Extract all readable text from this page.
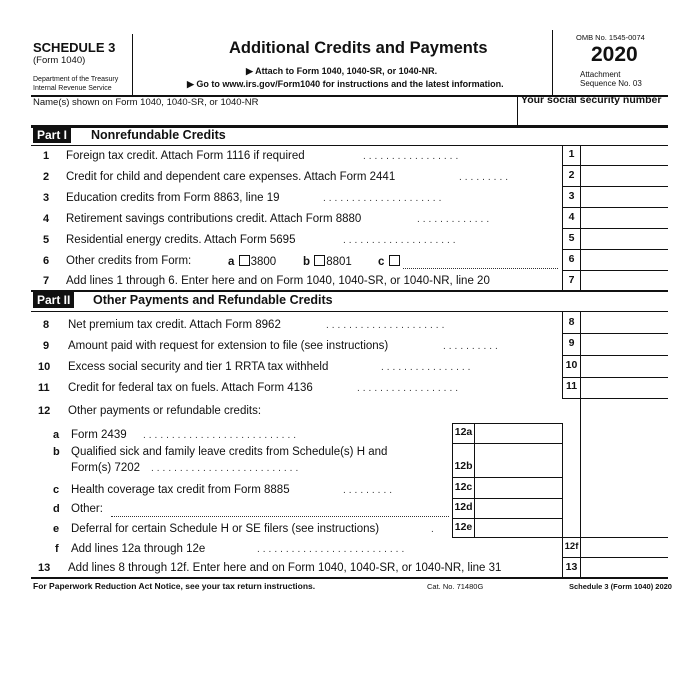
SCHEDULE 3
(Form 1040)
Department of the Treasury
Internal Revenue Service
Additional Credits and Payments
▶ Attach to Form 1040, 1040-SR, or 1040-NR.
▶ Go to www.irs.gov/Form1040 for instructions and the latest information.
OMB No. 1545-0074
2020
Attachment
Sequence No. 03
Name(s) shown on Form 1040, 1040-SR, or 1040-NR	Your social security number
Part I	Nonrefundable Credits
1 Foreign tax credit. Attach Form 1116 if required	.................	1
2 Credit for child and dependent care expenses. Attach Form 2441	.........	2
3 Education credits from Form 8863, line 19	.....................	3
4 Retirement savings contributions credit. Attach Form 8880	.............	4
5 Residential energy credits. Attach Form 5695	....................	5
6 Other credits from Form:	a 3800 b 8801 c	6
7 Add lines 1 through 6. Enter here and on Form 1040, 1040-SR, or 1040-NR, line 20	7
Part II	Other Payments and Refundable Credits
8 Net premium tax credit. Attach Form 8962	.....................	8
9 Amount paid with request for extension to file (see instructions)	..........	9
10 Excess social security and tier 1 RRTA tax withheld	................	10
11 Credit for federal tax on fuels. Attach Form 4136	..................	11
12 Other payments or refundable credits:
a Form 2439 ...........................	12a
b Qualified sick and family leave credits from Schedule(s) H and
Form(s) 7202 ..........................	12b
c Health coverage tax credit from Form 8885	.........	12c
d Other:	12d
e Deferral for certain Schedule H or SE filers (see instructions)	.	12e
f Add lines 12a through 12e	..........................	12f
13 Add lines 8 through 12f. Enter here and on Form 1040, 1040-SR, or 1040-NR, line 31	13
For Paperwork Reduction Act Notice, see your tax return instructions.	Cat. No. 71480G	Schedule 3 (Form 1040) 2020
